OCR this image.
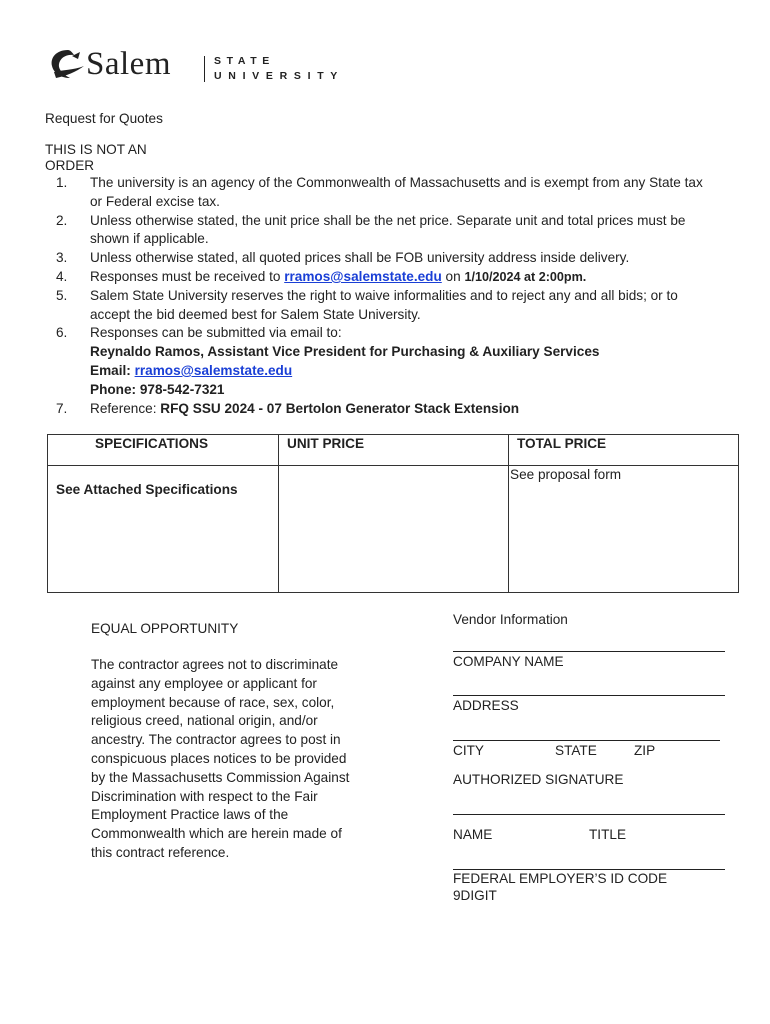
Salem	STATE
UNIVERSITY
Request for Quotes
THIS IS NOT AN
ORDER
1.	The university is an agency of the Commonwealth of Massachusetts and is exempt from any State tax
or Federal excise tax.
2.	Unless otherwise stated, the unit price shall be the net price. Separate unit and total prices must be
shown if applicable.
3.	Unless otherwise stated, all quoted prices shall be FOB university address inside delivery.
4.	Responses must be received to rramos@salemstate.edu on 1/10/2024 at 2:00pm.
5.	Salem State University reserves the right to waive informalities and to reject any and all bids; or to
accept the bid deemed best for Salem State University.
6.	Responses can be submitted via email to:
Reynaldo Ramos, Assistant Vice President for Purchasing & Auxiliary Services
Email: rramos@salemstate.edu
Phone: 978-542-7321
7.	Reference: RFQ SSU 2024 - 07 Bertolon Generator Stack Extension
SPECIFICATIONS	UNIT PRICE	TOTAL PRICE

See Attached Specifications		See proposal form
EQUAL OPPORTUNITY
The contractor agrees not to discriminate
against any employee or applicant for
employment because of race, sex, color,
religious creed, national origin, and/or
ancestry. The contractor agrees to post in
conspicuous places notices to be provided
by the Massachusetts Commission Against
Discrimination with respect to the Fair
Employment Practice laws of the
Commonwealth which are herein made of
this contract reference.
Vendor Information
COMPANY NAME
ADDRESS
CITY	STATE	ZIP
AUTHORIZED SIGNATURE
NAME	TITLE
FEDERAL EMPLOYER’S ID CODE
9DIGIT
